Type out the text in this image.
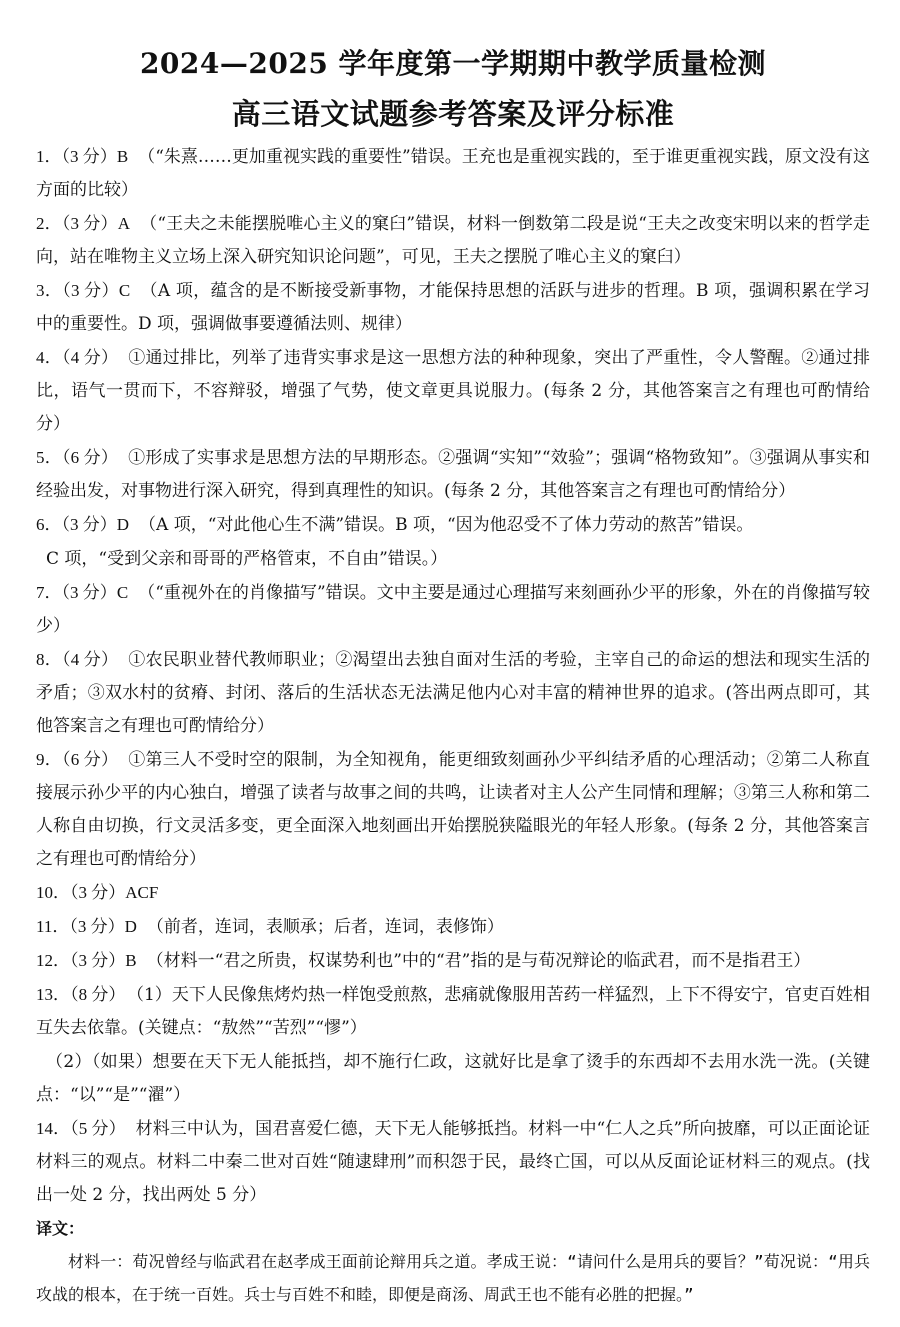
2024—2025 学年度第一学期期中教学质量检测
高三语文试题参考答案及评分标准

1．（3 分）B （“朱熹……更加重视实践的重要性”错误。王充也是重视实践的，至于谁更重视实践，原文没有这方面的比较）

2．（3 分）A （“王夫之未能摆脱唯心主义的窠臼”错误，材料一倒数第二段是说“王夫之改变宋明以来的哲学走向，站在唯物主义立场上深入研究知识论问题”，可见，王夫之摆脱了唯心主义的窠臼）

3．（3 分）C （A 项，蕴含的是不断接受新事物，才能保持思想的活跃与进步的哲理。B 项，强调积累在学习中的重要性。D 项，强调做事要遵循法则、规律）

4．（4 分） ①通过排比，列举了违背实事求是这一思想方法的种种现象，突出了严重性，令人警醒。②通过排比，语气一贯而下，不容辩驳，增强了气势，使文章更具说服力。(每条 2 分，其他答案言之有理也可酌情给分）

5．（6 分） ①形成了实事求是思想方法的早期形态。②强调“实知”“效验”；强调“格物致知”。③强调从事实和经验出发，对事物进行深入研究，得到真理性的知识。(每条 2 分，其他答案言之有理也可酌情给分）

6．（3 分）D （A 项，“对此他心生不满”错误。B 项，“因为他忍受不了体力劳动的熬苦”错误。

C 项，“受到父亲和哥哥的严格管束，不自由”错误。）

7．（3 分）C （“重视外在的肖像描写”错误。文中主要是通过心理描写来刻画孙少平的形象，外在的肖像描写较少）

8．（4 分） ①农民职业替代教师职业；②渴望出去独自面对生活的考验，主宰自己的命运的想法和现实生活的矛盾；③双水村的贫瘠、封闭、落后的生活状态无法满足他内心对丰富的精神世界的追求。(答出两点即可，其他答案言之有理也可酌情给分）

9．（6 分） ①第三人不受时空的限制，为全知视角，能更细致刻画孙少平纠结矛盾的心理活动；②第二人称直接展示孙少平的内心独白，增强了读者与故事之间的共鸣，让读者对主人公产生同情和理解；③第三人称和第二人称自由切换，行文灵活多变，更全面深入地刻画出开始摆脱狭隘眼光的年轻人形象。(每条 2 分，其他答案言之有理也可酌情给分）

10．（3 分）ACF

11．（3 分）D （前者，连词，表顺承；后者，连词，表修饰）

12．（3 分）B （材料一“君之所贵，权谋势利也”中的“君”指的是与荀况辩论的临武君，而不是指君王）

13．（8 分） （1）天下人民像焦烤灼热一样饱受煎熬，悲痛就像服用苦药一样猛烈，上下不得安宁，官吏百姓相互失去依靠。(关键点：“敖然”“苦烈”“憀”）

（2）（如果）想要在天下无人能抵挡，却不施行仁政，这就好比是拿了烫手的东西却不去用水洗一洗。(关键点：“以”“是”“濯”）

14．（5 分） 材料三中认为，国君喜爱仁德，天下无人能够抵挡。材料一中“仁人之兵”所向披靡，可以正面论证材料三的观点。材料二中秦二世对百姓“随逮肆刑”而积怨于民，最终亡国，可以从反面论证材料三的观点。(找出一处 2 分，找出两处 5 分）

译文：

材料一：荀况曾经与临武君在赵孝成王面前论辩用兵之道。孝成王说：“请问什么是用兵的要旨？”荀况说：“用兵攻战的根本，在于统一百姓。兵士与百姓不和睦，即便是商汤、周武王也不能有必胜的把握。”
